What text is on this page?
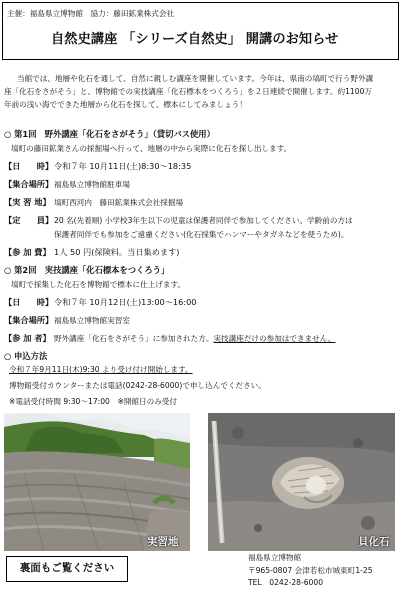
主催：福島県立博物館　協力：藤田鉱業株式会社
自然史講座 「シリーズ自然史」 開講のお知らせ
当館では、地層や化石を通して、自然に親しむ講座を開催しています。今年は、県南の塙町で行う野外講
座「化石をさがそう」と、博物館での実技講座「化石標本をつくろう」を２日連続で開催します。約1100万
年前の浅い海でできた地層から化石を探して、標本にしてみましょう！
○ 第1回　野外講座「化石をさがそう」（貸切バス使用）
塙町の藤田鉱業さんの採掘場へ行って、地層の中から実際に化石を探し出します。
【日　　時】 令和７年 10月11日(土)8:30～18:35
【集合場所】 福島県立博物館駐車場
【実 習 地】 塙町西河内　藤田鉱業株式会社採掘場
【定　　員】 20 名(先着順) 小学校3年生以下の児童は保護者同伴で参加してください。学齢前の方は
保護者同伴でも参加をご遠慮ください(化石採集でハンマーやタガネなどを使うため)。
【参 加 費】 1人 50 円(保険料。当日集めます)
○ 第2回　実技講座「化石標本をつくろう」
塙町で採集した化石を博物館で標本に仕上げます。
【日　　時】 令和７年 10月12日(土)13:00～16:00
【集合場所】 福島県立博物館実習室
【参 加 者】 野外講座「化石をさがそう」に参加された方。実技講座だけの参加はできません。
○ 申込方法
令和７年9月11日(木)9:30 より受け付け開始します。
博物館受付カウンターまたは電話(0242-28-6000)で申し込んでください。
※電話受付時間 9:30～17:00　※開館日のみ受付
実習地	貝化石
裏面もご覧ください
福島県立博物館
〒965-0807 会津若松市城東町1-25
TEL　0242-28-6000
